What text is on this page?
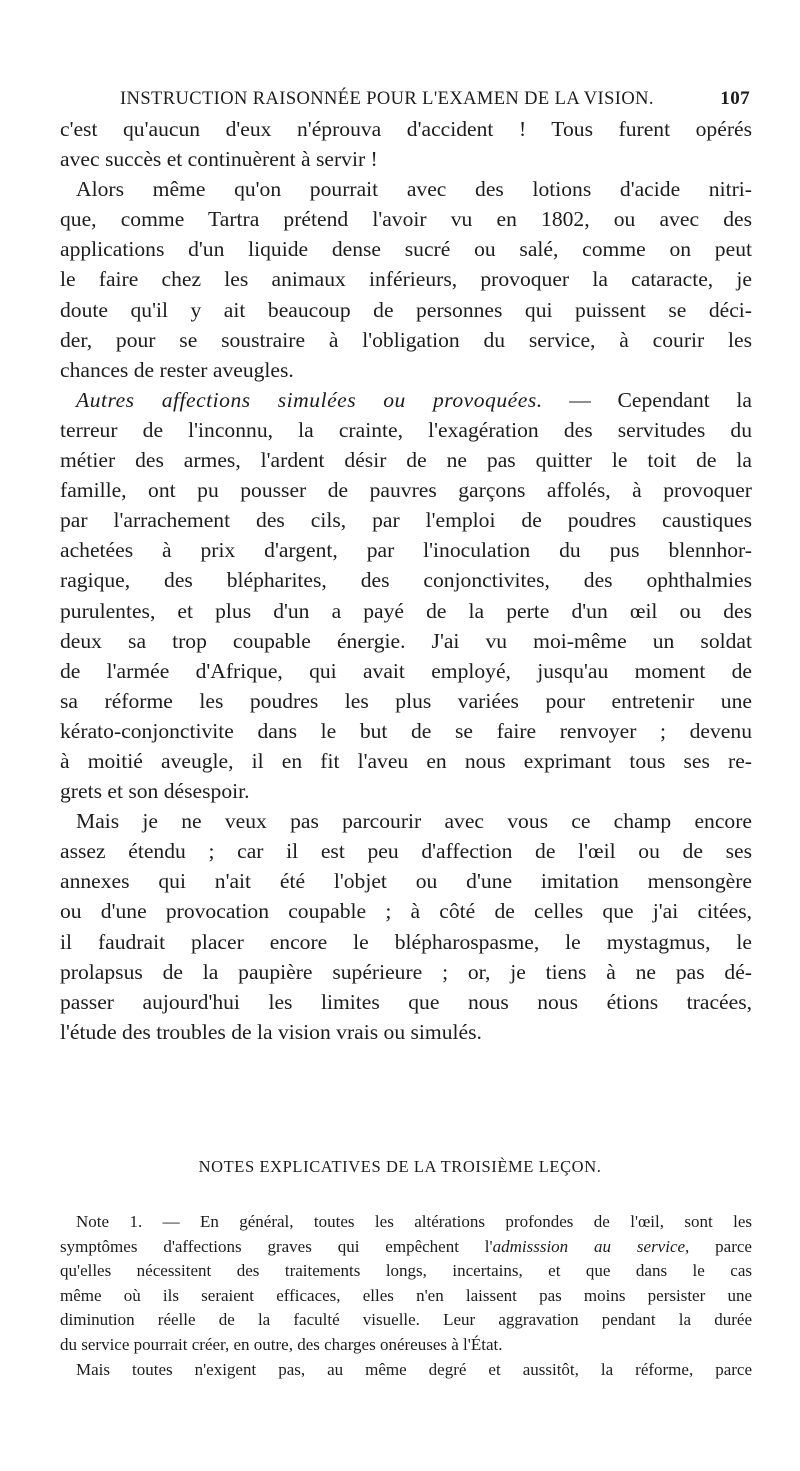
INSTRUCTION RAISONNÉE POUR L'EXAMEN DE LA VISION.	107
c'est qu'aucun d'eux n'éprouva d'accident ! Tous furent opérés
avec succès et continuèrent à servir !
Alors même qu'on pourrait avec des lotions d'acide nitri-
que, comme Tartra prétend l'avoir vu en 1802, ou avec des
applications d'un liquide dense sucré ou salé, comme on peut
le faire chez les animaux inférieurs, provoquer la cataracte, je
doute qu'il y ait beaucoup de personnes qui puissent se déci-
der, pour se soustraire à l'obligation du service, à courir les
chances de rester aveugles.
Autres affections simulées ou provoquées. — Cependant la
terreur de l'inconnu, la crainte, l'exagération des servitudes du
métier des armes, l'ardent désir de ne pas quitter le toit de la
famille, ont pu pousser de pauvres garçons affolés, à provoquer
par l'arrachement des cils, par l'emploi de poudres caustiques
achetées à prix d'argent, par l'inoculation du pus blennhor-
ragique, des blépharites, des conjonctivites, des ophthalmies
purulentes, et plus d'un a payé de la perte d'un œil ou des
deux sa trop coupable énergie. J'ai vu moi-même un soldat
de l'armée d'Afrique, qui avait employé, jusqu'au moment de
sa réforme les poudres les plus variées pour entretenir une
kérato-conjonctivite dans le but de se faire renvoyer ; devenu
à moitié aveugle, il en fit l'aveu en nous exprimant tous ses re-
grets et son désespoir.
Mais je ne veux pas parcourir avec vous ce champ encore
assez étendu ; car il est peu d'affection de l'œil ou de ses
annexes qui n'ait été l'objet ou d'une imitation mensongère
ou d'une provocation coupable ; à côté de celles que j'ai citées,
il faudrait placer encore le blépharospasme, le mystagmus, le
prolapsus de la paupière supérieure ; or, je tiens à ne pas dé-
passer aujourd'hui les limites que nous nous étions tracées,
l'étude des troubles de la vision vrais ou simulés.
NOTES EXPLICATIVES DE LA TROISIÈME LEÇON.
Note 1. — En général, toutes les altérations profondes de l'œil, sont les
symptômes d'affections graves qui empêchent l'admisssion au service, parce
qu'elles nécessitent des traitements longs, incertains, et que dans le cas
même où ils seraient efficaces, elles n'en laissent pas moins persister une
diminution réelle de la faculté visuelle. Leur aggravation pendant la durée
du service pourrait créer, en outre, des charges onéreuses à l'État.
Mais toutes n'exigent pas, au même degré et aussitôt, la réforme, parce
